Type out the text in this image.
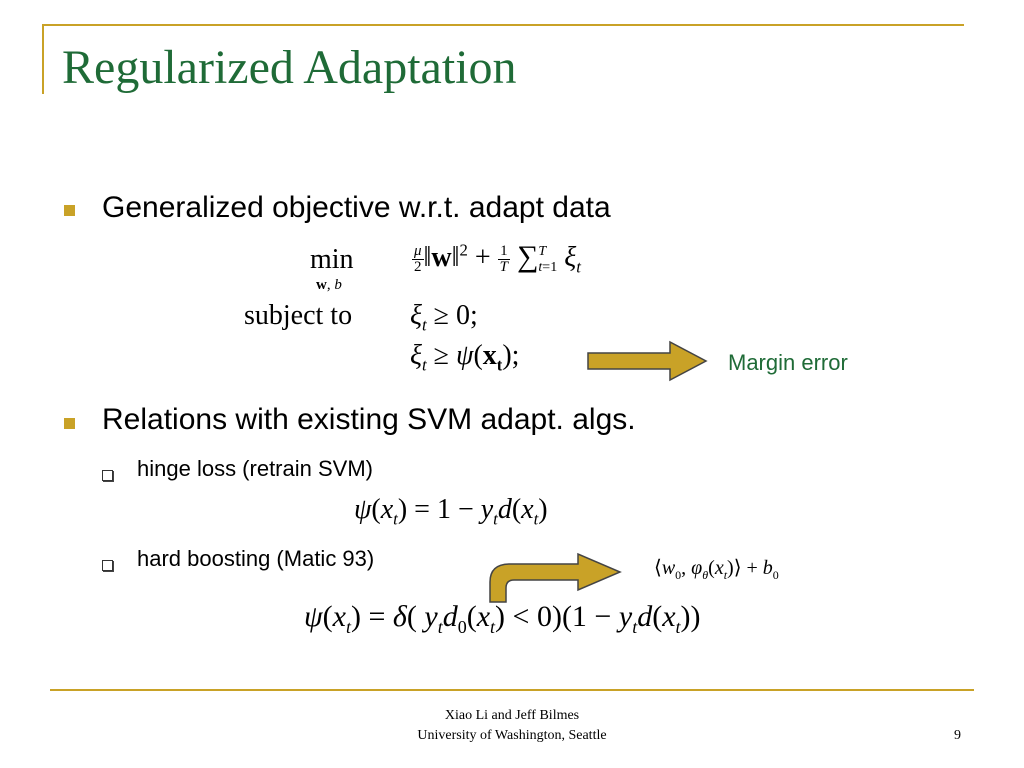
Regularized Adaptation
Generalized objective w.r.t. adapt data
min
w, b
$\frac{\mu}{2}‖w‖^2 + 1$
T ∑T
t=1 $\xi_t$
subject to $\xi_t \ge 0$;
$\xi_t \ge \psi(x_t)$;	Margin error
Relations with existing SVM adapt. algs.
hinge loss (retrain SVM)
$\psi(x_t) = 1 - y_td(x_t)$
hard boosting (Matic 93)	$⟨w_0$, $\varphi_\theta(x_t)⟩ + b_0$
$\psi(x_t) = \delta$( $y_td_0(x_t) < 0)(1 - y_td(x_t))$
Xiao Li and Jeff Bilmes
University of Washington, Seattle	9
